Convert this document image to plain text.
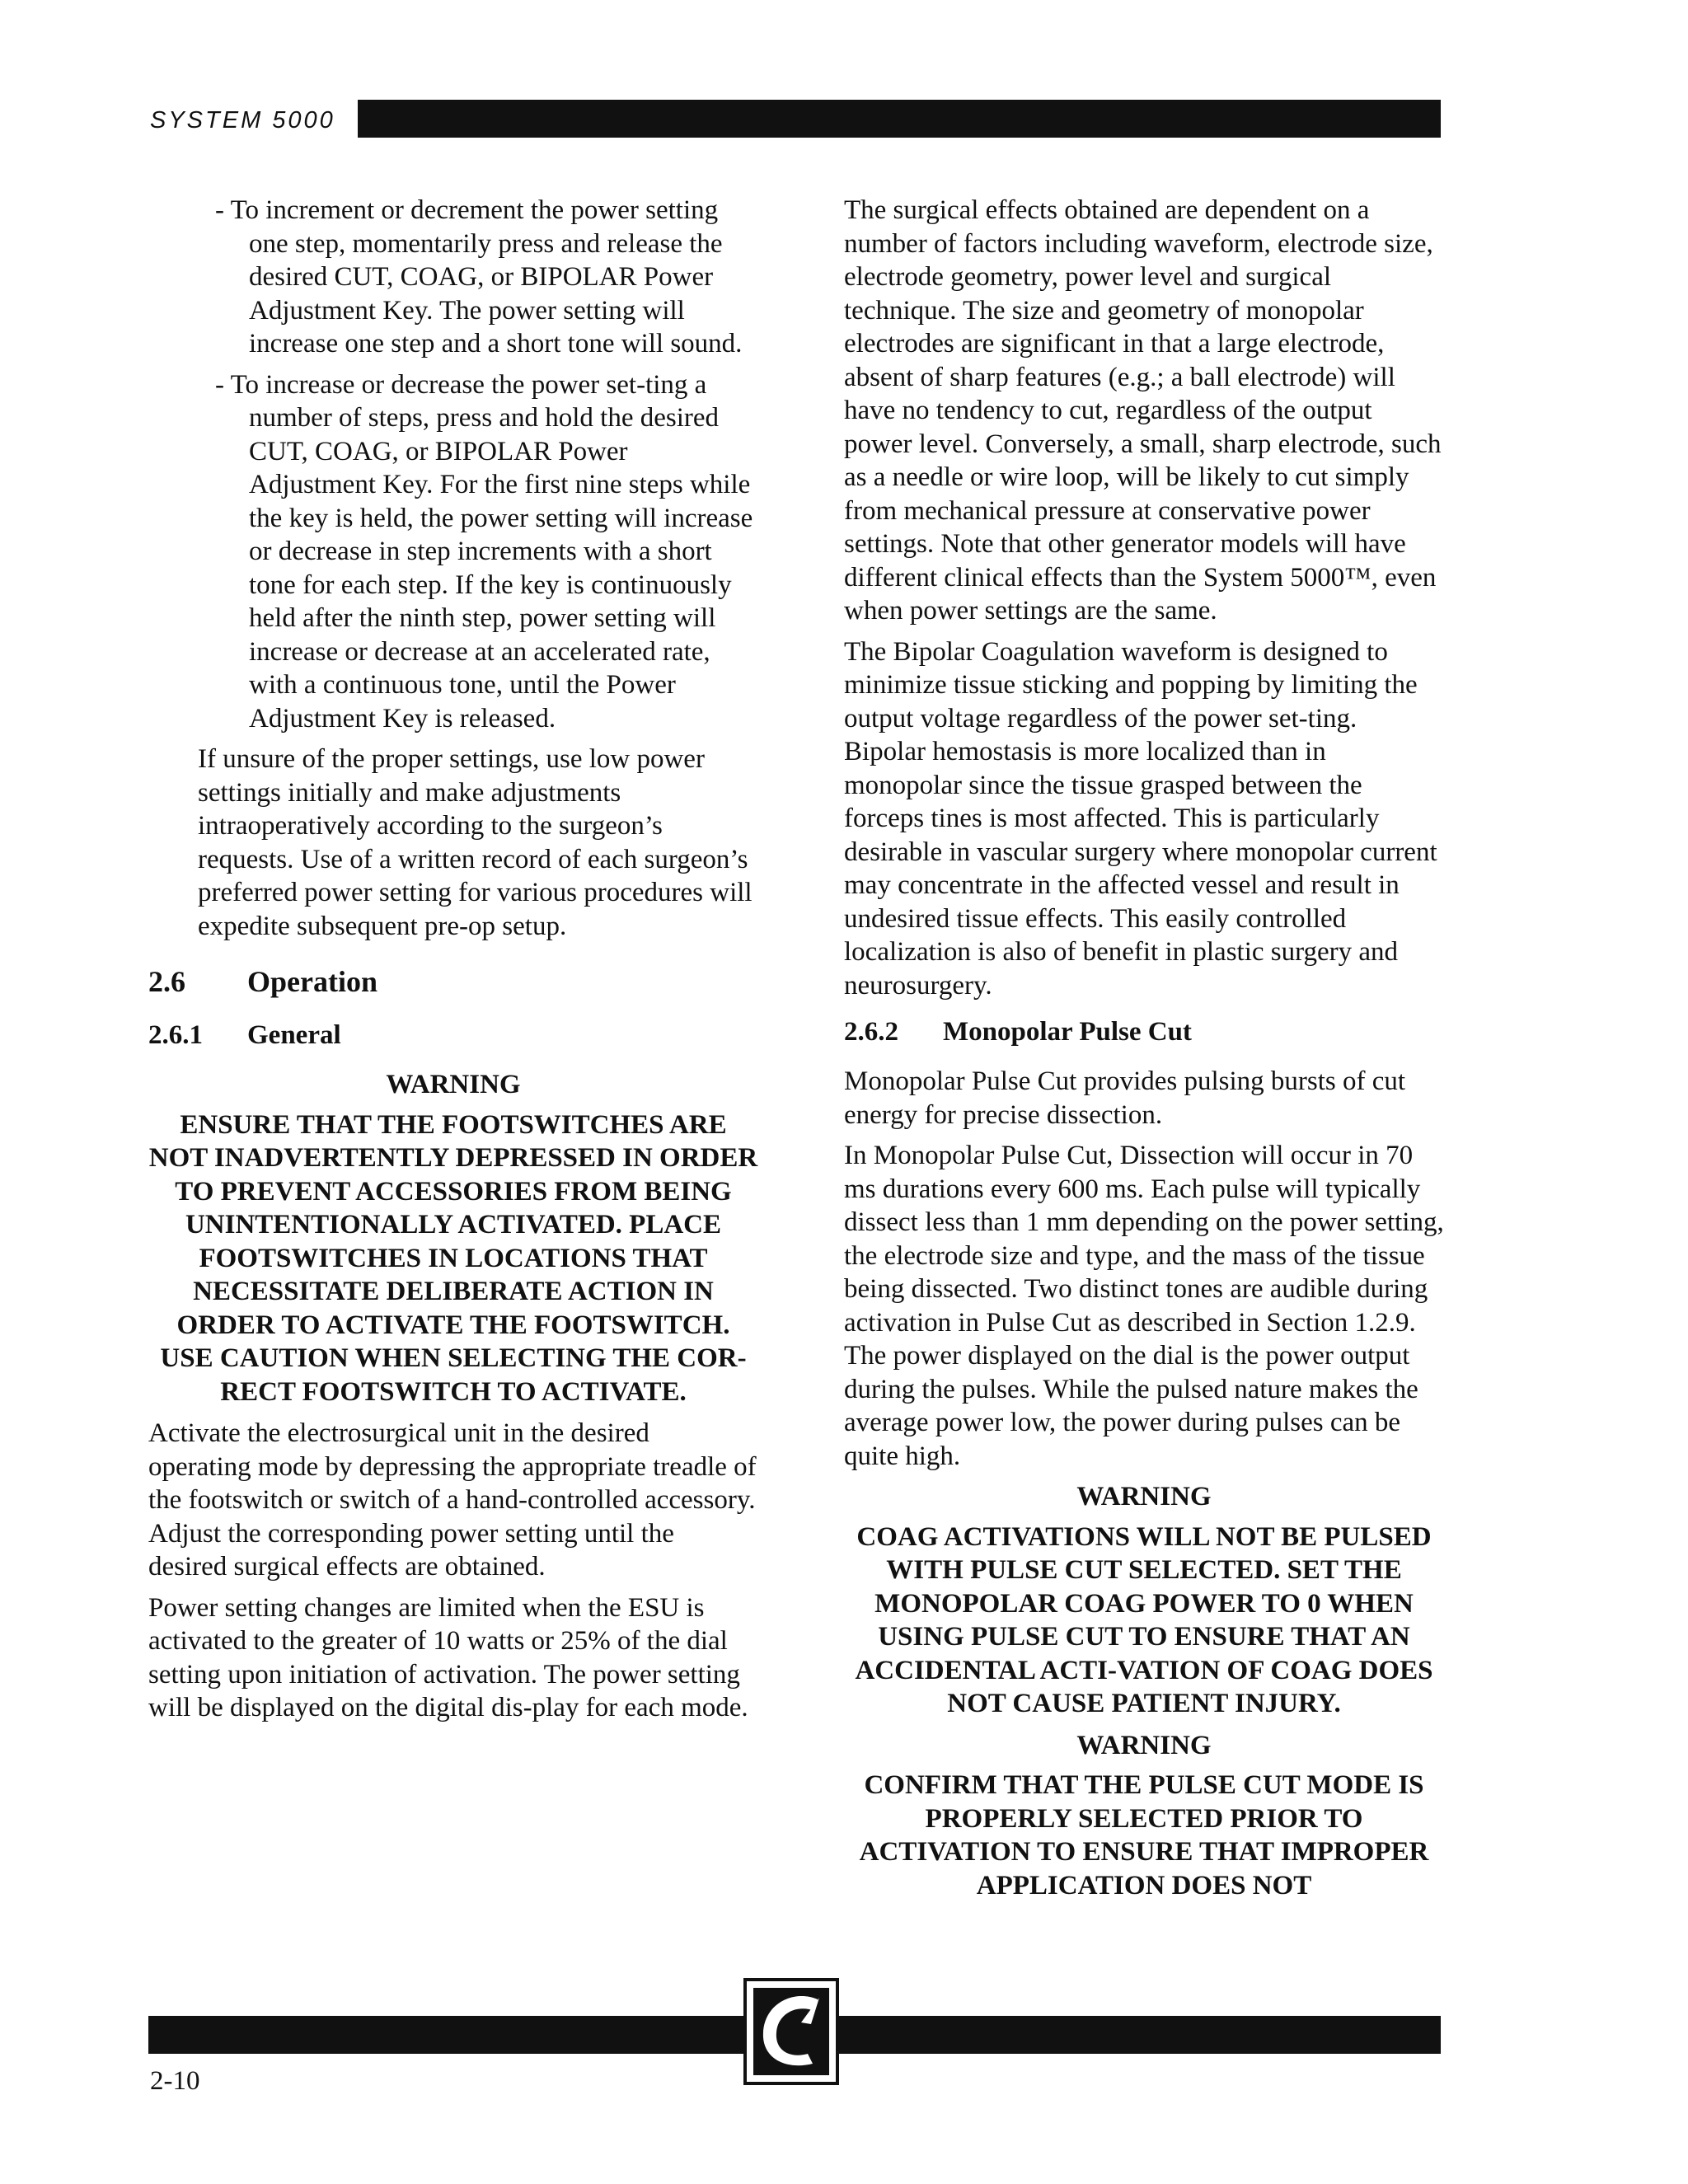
SYSTEM 5000

- To increment or decrement the power setting one step, momentarily press and release the desired CUT, COAG, or BIPOLAR Power Adjustment Key. The power setting will increase one step and a short tone will sound.

- To increase or decrease the power set-ting a number of steps, press and hold the desired CUT, COAG, or BIPOLAR Power Adjustment Key. For the first nine steps while the key is held, the power setting will increase or decrease in step increments with a short tone for each step. If the key is continuously held after the ninth step, power setting will increase or decrease at an accelerated rate, with a continuous tone, until the Power Adjustment Key is released.

If unsure of the proper settings, use low power settings initially and make adjustments intraoperatively according to the surgeon’s requests. Use of a written record of each surgeon’s preferred power setting for various procedures will expedite subsequent pre-op setup.

2.6 Operation
2.6.1 General

WARNING

ENSURE THAT THE FOOTSWITCHES ARE NOT INADVERTENTLY DEPRESSED IN ORDER TO PREVENT ACCESSORIES FROM BEING UNINTENTIONALLY ACTIVATED. PLACE FOOTSWITCHES IN LOCATIONS THAT NECESSITATE DELIBERATE ACTION IN ORDER TO ACTIVATE THE FOOTSWITCH. USE CAUTION WHEN SELECTING THE COR-RECT FOOTSWITCH TO ACTIVATE.

Activate the electrosurgical unit in the desired operating mode by depressing the appropriate treadle of the footswitch or switch of a hand-controlled accessory. Adjust the corresponding power setting until the desired surgical effects are obtained.

Power setting changes are limited when the ESU is activated to the greater of 10 watts or 25% of the dial setting upon initiation of activation. The power setting will be displayed on the digital dis-play for each mode.

The surgical effects obtained are dependent on a number of factors including waveform, electrode size, electrode geometry, power level and surgical technique. The size and geometry of monopolar electrodes are significant in that a large electrode, absent of sharp features (e.g.; a ball electrode) will have no tendency to cut, regardless of the output power level. Conversely, a small, sharp electrode, such as a needle or wire loop, will be likely to cut simply from mechanical pressure at conservative power settings. Note that other generator models will have different clinical effects than the System 5000™, even when power settings are the same.

The Bipolar Coagulation waveform is designed to minimize tissue sticking and popping by limiting the output voltage regardless of the power set-ting. Bipolar hemostasis is more localized than in monopolar since the tissue grasped between the forceps tines is most affected. This is particularly desirable in vascular surgery where monopolar current may concentrate in the affected vessel and result in undesired tissue effects. This easily controlled localization is also of benefit in plastic surgery and neurosurgery.

2.6.2 Monopolar Pulse Cut

Monopolar Pulse Cut provides pulsing bursts of cut energy for precise dissection.

In Monopolar Pulse Cut, Dissection will occur in 70 ms durations every 600 ms. Each pulse will typically dissect less than 1 mm depending on the power setting, the electrode size and type, and the mass of the tissue being dissected. Two distinct tones are audible during activation in Pulse Cut as described in Section 1.2.9. The power displayed on the dial is the power output during the pulses. While the pulsed nature makes the average power low, the power during pulses can be quite high.

WARNING

COAG ACTIVATIONS WILL NOT BE PULSED WITH PULSE CUT SELECTED. SET THE MONOPOLAR COAG POWER TO 0 WHEN USING PULSE CUT TO ENSURE THAT AN ACCIDENTAL ACTI-VATION OF COAG DOES NOT CAUSE PATIENT INJURY.

WARNING

CONFIRM THAT THE PULSE CUT MODE IS PROPERLY SELECTED PRIOR TO ACTIVATION TO ENSURE THAT IMPROPER APPLICATION DOES NOT

2-10
